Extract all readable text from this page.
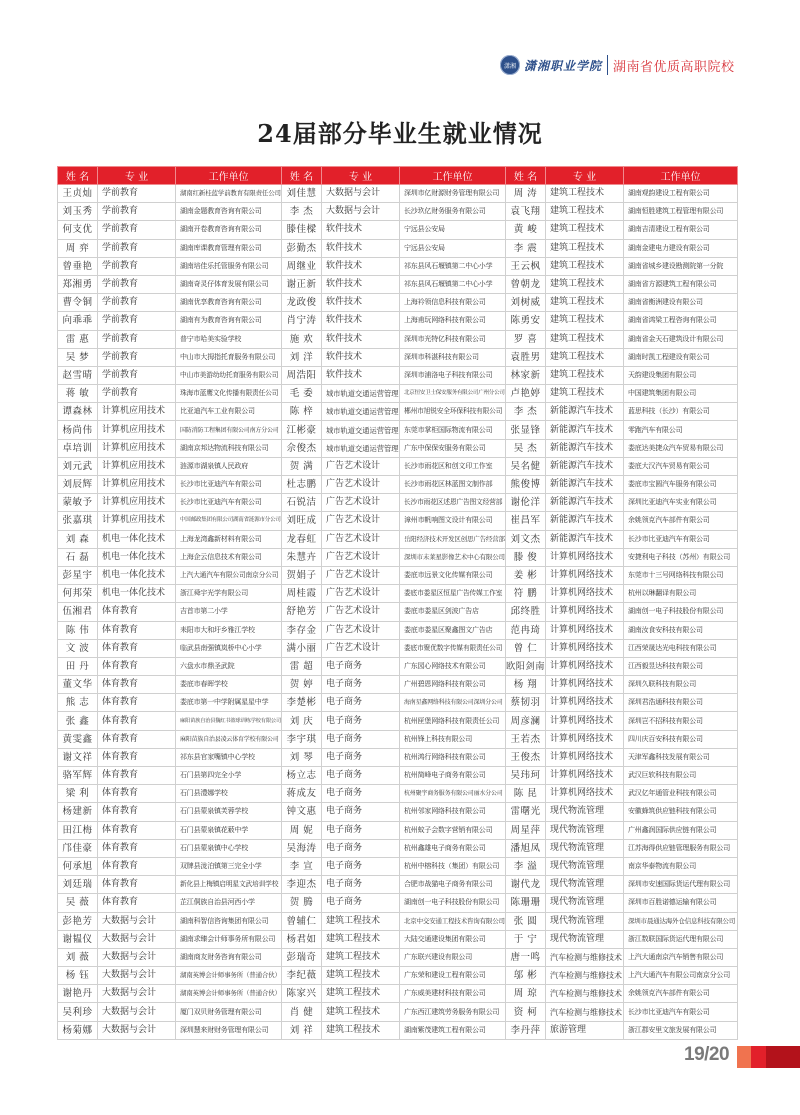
潇湘 潇湘职业学院 湖南省优质高职院校
24届部分毕业生就业情况
姓 名	专 业	工作单位	姓 名	专 业	工作单位	姓 名	专 业	工作单位
王贞灿	学前教育	湖南红新桂蓝学前教育有限责任公司	刘佳慧	大数据与会计	深圳市亿财源财务管理有限公司	周 涛	建筑工程技术	湖南观韵建设工程有限公司
刘玉秀	学前教育	湖南金题教育咨询有限公司	李 杰	大数据与会计	长沙玖亿财务服务有限公司	袁飞翔	建筑工程技术	湖南恒胜建筑工程管理有限公司
何支优	学前教育	湖南开卷教育咨询有限公司	滕佳樑	软件技术	宁远县公安局	黄 峻	建筑工程技术	湖南吉清建设工程有限公司
周 弈	学前教育	湖南库课教育管理有限公司	彭勤杰	软件技术	宁远县公安局	李 震	建筑工程技术	湖南金建电力建设有限公司
曾垂艳	学前教育	湖南培佳乐托管服务有限公司	周继业	软件技术	祁东县风石堰镇第二中心小学	王云枫	建筑工程技术	湖南省城乡建设勘测院第一分院
郑湘勇	学前教育	湖南奇灵仔体育发展有限公司	谢正新	软件技术	祁东县风石堰镇第二中心小学	曾朝龙	建筑工程技术	湖南省方源建筑工程有限公司
曹令铜	学前教育	湖南优享教育咨询有限公司	龙政俊	软件技术	上海衿领信息科技有限公司	刘树威	建筑工程技术	湖南省衡洲建设有限公司
向乖乖	学前教育	湖南有为教育咨询有限公司	肖宁涛	软件技术	上海甫玩网络科技有限公司	陈勇安	建筑工程技术	湖南省鸿梁工程咨询有限公司
雷 惠	学前教育	普宁市哈美实验学校	施 欢	软件技术	深圳市光特亿科技有限公司	罗 喜	建筑工程技术	湖南省金天石建筑设计有限公司
吴 梦	学前教育	中山市大拇指托育服务有限公司	刘 洋	软件技术	深圳市科湛科技有限公司	袁胜男	建筑工程技术	湖南时凯工程建设有限公司
赵雪晴	学前教育	中山市美游幼幼托育服务有限公司	周浩阳	软件技术	深圳市浦洛电子科技有限公司	林家新	建筑工程技术	天韵建设集团有限公司
蒋 敏	学前教育	珠海市蓝鹰文化传播有限责任公司	毛 委	城市轨道交通运营管理	北京恒安卫士保安服务有限公司广州分公司	卢艳婷	建筑工程技术	中国建筑集团有限公司
谭森林	计算机应用技术	比亚迪汽车工业有限公司	陈 梓	城市轨道交通运营管理	郴州市旭锐安全环保科技有限公司	李 杰	新能源汽车技术	蓝思科技（长沙）有限公司
杨尚伟	计算机应用技术	国防消防工程集团有限公司南方分公司	江彬豪	城市轨道交通运营管理	东莞市掌柜国际物流有限公司	张显锋	新能源汽车技术	零跑汽车有限公司
卓培训	计算机应用技术	湖南京邦达物流科技有限公司	佘俊杰	城市轨道交通运营管理	广东中保保安服务有限公司	吴 杰	新能源汽车技术	娄底达美捷众汽车贸易有限公司
刘元武	计算机应用技术	涟源市湖泉镇人民政府	贺 满	广告艺术设计	长沙市雨花区和创文印工作室	吴名健	新能源汽车技术	娄底大汉汽车贸易有限公司
刘辰辉	计算机应用技术	长沙市比亚迪汽车有限公司	杜志鹏	广告艺术设计	长沙市雨花区林蓝图文制作部	熊俊博	新能源汽车技术	娄底市宝圆汽车服务有限公司
蒙敏予	计算机应用技术	长沙市比亚迪汽车有限公司	石锐洁	广告艺术设计	长沙市雨花区述恩广告图文经营部	谢伦洋	新能源汽车技术	深圳比亚迪汽车实业有限公司
张嘉琪	计算机应用技术	中国邮政集团有限公司湖南省涟源市分公司	刘旺成	广告艺术设计	漳州市帆响图文设计有限公司	崔昌军	新能源汽车技术	余姚领克汽车部件有限公司
刘 森	机电一体化技术	上海龙湾鑫新材料有限公司	龙春虹	广告艺术设计	岳阳经济技术开发区创思广告经营部	刘文杰	新能源汽车技术	长沙市比亚迪汽车有限公司
石 磊	机电一体化技术	上海企云信息技术有限公司	朱慧卉	广告艺术设计	深圳市未莱星影像艺术中心有限公司	滕 俊	计算机网络技术	安捷利电子科技（苏州）有限公司
彭星宇	机电一体化技术	上汽大通汽车有限公司南京分公司	贺娟子	广告艺术设计	娄底市远景文化传媒有限公司	姜 彬	计算机网络技术	东莞市十三号网络科技有限公司
何邦荣	机电一体化技术	浙江舜宇光学有限公司	周桂霞	广告艺术设计	娄底市娄星区恒星广告传媒工作室	符 鹏	计算机网络技术	杭州以琳翻译有限公司
伍湘君	体育教育	吉首市第二小学	舒艳芳	广告艺术设计	娄底市娄星区剑波广告店	邱终胜	计算机网络技术	湖南创一电子科技股份有限公司
陈 伟	体育教育	耒阳市大和圩乡雅江学校	李存金	广告艺术设计	娄底市娄星区聚鑫图文广告店	范冉琦	计算机网络技术	湖南汝食安科技有限公司
文 波	体育教育	临武县南强镇岚桥中心小学	满小丽	广告艺术设计	娄底市聚优数字传媒有限责任公司	曾 仁	计算机网络技术	江西荣晟达光电科技有限公司
田 丹	体育教育	六盘水市鼎圣武院	雷 超	电子商务	广东园心网络技术有限公司	欧阳剑南	计算机网络技术	江西毅昱达科技有限公司
董文华	体育教育	娄底市春晖学校	贺 婷	电子商务	广州碧恩网络科技有限公司	杨 翔	计算机网络技术	深圳久联科技有限公司
熊 志	体育教育	娄底市第一中学附属星星中学	李楚彬	电子商务	海南星鑫网络科技有限公司深圳分公司	蔡韧羽	计算机网络技术	深圳君浩通科技有限公司
张 鑫	体育教育	麻阳苗族自治县魏红书篮球训练学校有限公司	刘 庆	电子商务	杭州匣堡网络科技有限责任公司	周彦澜	计算机网络技术	深圳岂不招科技有限公司
黄雯鑫	体育教育	麻阳苗族自治县凌云体育学校有限公司	李宇琪	电子商务	杭州锋上科技有限公司	王若杰	计算机网络技术	四川庆百安科技有限公司
谢文祥	体育教育	祁东县官家嘴镇中心学校	刘 琴	电子商务	杭州鸿行网络科技有限公司	王俊杰	计算机网络技术	天津军鑫科技发展有限公司
骆军辉	体育教育	石门县第四完全小学	杨立志	电子商务	杭州简峰电子商务有限公司	吴玮珂	计算机网络技术	武汉巨软科技有限公司
梁 利	体育教育	石门县澧娜学校	蒋成友	电子商务	杭州聚宇商务服务有限公司丽水分公司	陈 昆	计算机网络技术	武汉亿年通管业科技有限公司
杨建新	体育教育	石门县蒙泉镇芙蓉学校	钟文惠	电子商务	杭州邻家网络科技有限公司	雷曙光	现代物流管理	安徽蜂筑供应链科技有限公司
田江梅	体育教育	石门县蒙泉镇花薮中学	周 妮	电子商务	杭州蚊子会数字营销有限公司	周星萍	现代物流管理	广州鑫润国际供应链有限公司
邝佳豪	体育教育	石门县蒙泉镇中心学校	吴海涛	电子商务	杭州鑫雄电子商务有限公司	潘旭凤	现代物流管理	江苏海得供应链管理服务有限公司
何承旭	体育教育	双牌县泷泊镇第三完全小学	李 宣	电子商务	杭州中榕科技（集团）有限公司	李 溢	现代物流管理	南京华泰物流有限公司
刘廷瑞	体育教育	新化县上梅镇启明星文武培训学校	李迎杰	电子商务	合肥市战猫电子商务有限公司	谢代龙	现代物流管理	深圳市安速国际货运代理有限公司
吴 薇	体育教育	芷江侗族自治县河西小学	贺 腾	电子商务	湖南创一电子科技股份有限公司	陈珊珊	现代物流管理	深圳市百胜诺德运输有限公司
彭艳芳	大数据与会计	湖南科智信咨询集团有限公司	曾辅仁	建筑工程技术	北京中交安通工程技术咨询有限公司	张 圆	现代物流管理	深圳市晨通达海外仓信息科技有限公司
谢韫仪	大数据与会计	湖南求臻会计师事务所有限公司	杨君如	建筑工程技术	大陆交通建设集团有限公司	于 宁	现代物流管理	浙江数联国际货运代理有限公司
刘 薇	大数据与会计	湖南商友财务咨询有限公司	彭瑞奇	建筑工程技术	广东联兴建设有限公司	唐一鸣	汽车检测与维修技术	上汽大通南京汽车销售有限公司
杨 钰	大数据与会计	湖南英博会计师事务所（普通合伙）	李纪薇	建筑工程技术	广东荣和建设工程有限公司	邬 彬	汽车检测与维修技术	上汽大通汽车有限公司南京分公司
谢艳丹	大数据与会计	湖南英博会计师事务所（普通合伙）	陈家兴	建筑工程技术	广东威美建材科技有限公司	周 琼	汽车检测与维修技术	余姚领克汽车部件有限公司
吴利珍	大数据与会计	厦门双贝财务管理有限公司	肖 健	建筑工程技术	广东西江建筑劳务服务有限公司	资 柯	汽车检测与维修技术	长沙市比亚迪汽车有限公司
杨菊娜	大数据与会计	深圳慧来财财务管理有限公司	刘 祥	建筑工程技术	湖南紫茂建筑工程有限公司	李丹萍	旅游管理	浙江郡安里文旅发展有限公司
19/20
